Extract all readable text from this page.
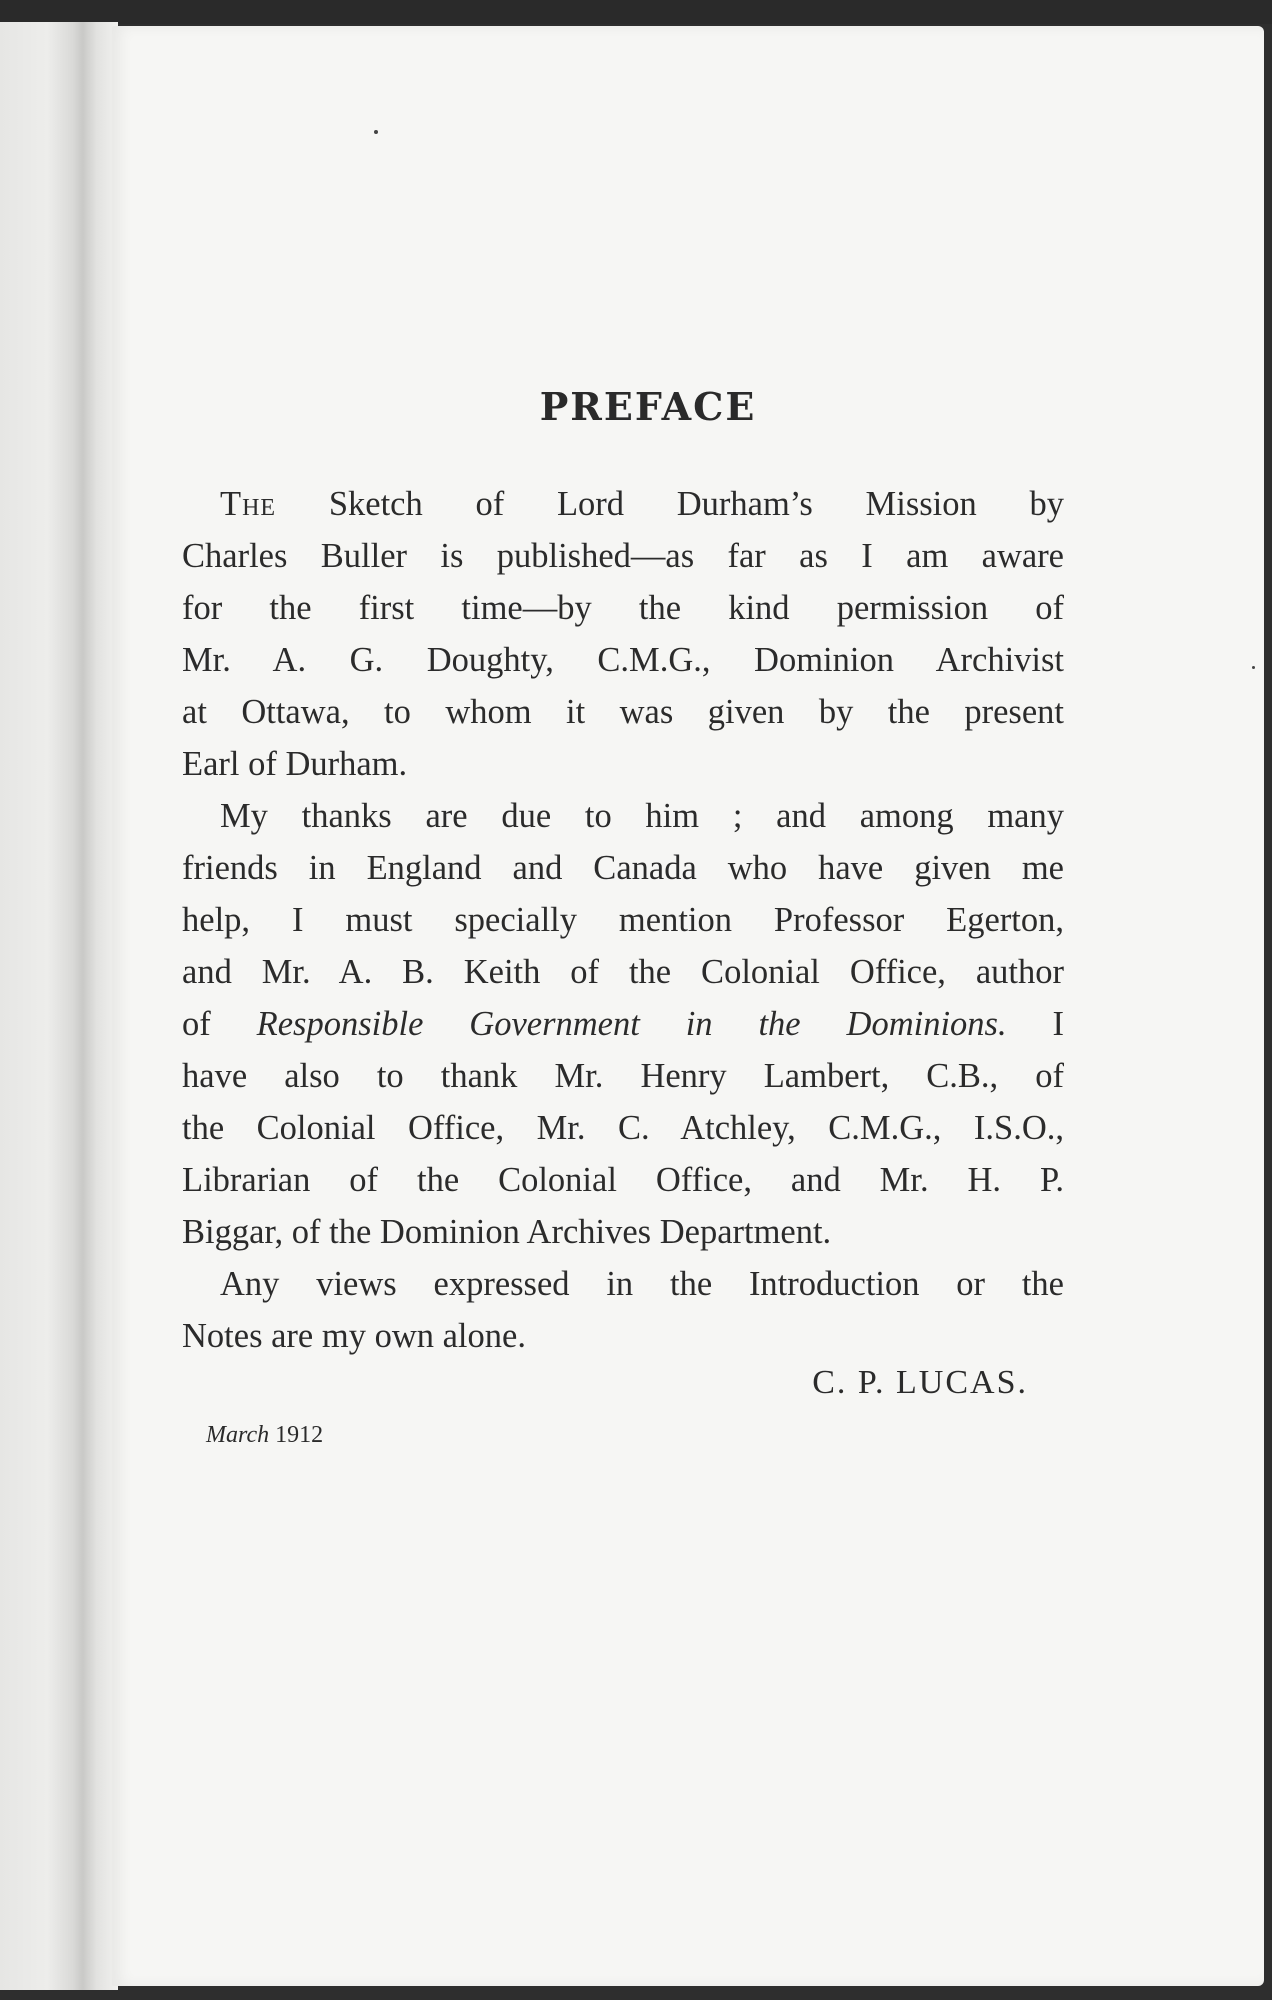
PREFACE
The Sketch of Lord Durham’s Mission by
Charles Buller is published—as far as I am aware
for the first time—by the kind permission of
Mr. A. G. Doughty, C.M.G., Dominion Archivist
at Ottawa, to whom it was given by the present
Earl of Durham.
My thanks are due to him ; and among many
friends in England and Canada who have given me
help, I must specially mention Professor Egerton,
and Mr. A. B. Keith of the Colonial Office, author
of Responsible Government in the Dominions. I
have also to thank Mr. Henry Lambert, C.B., of
the Colonial Office, Mr. C. Atchley, C.M.G., I.S.O.,
Librarian of the Colonial Office, and Mr. H. P.
Biggar, of the Dominion Archives Department.
Any views expressed in the Introduction or the
Notes are my own alone.
C. P. LUCAS.
March 1912
